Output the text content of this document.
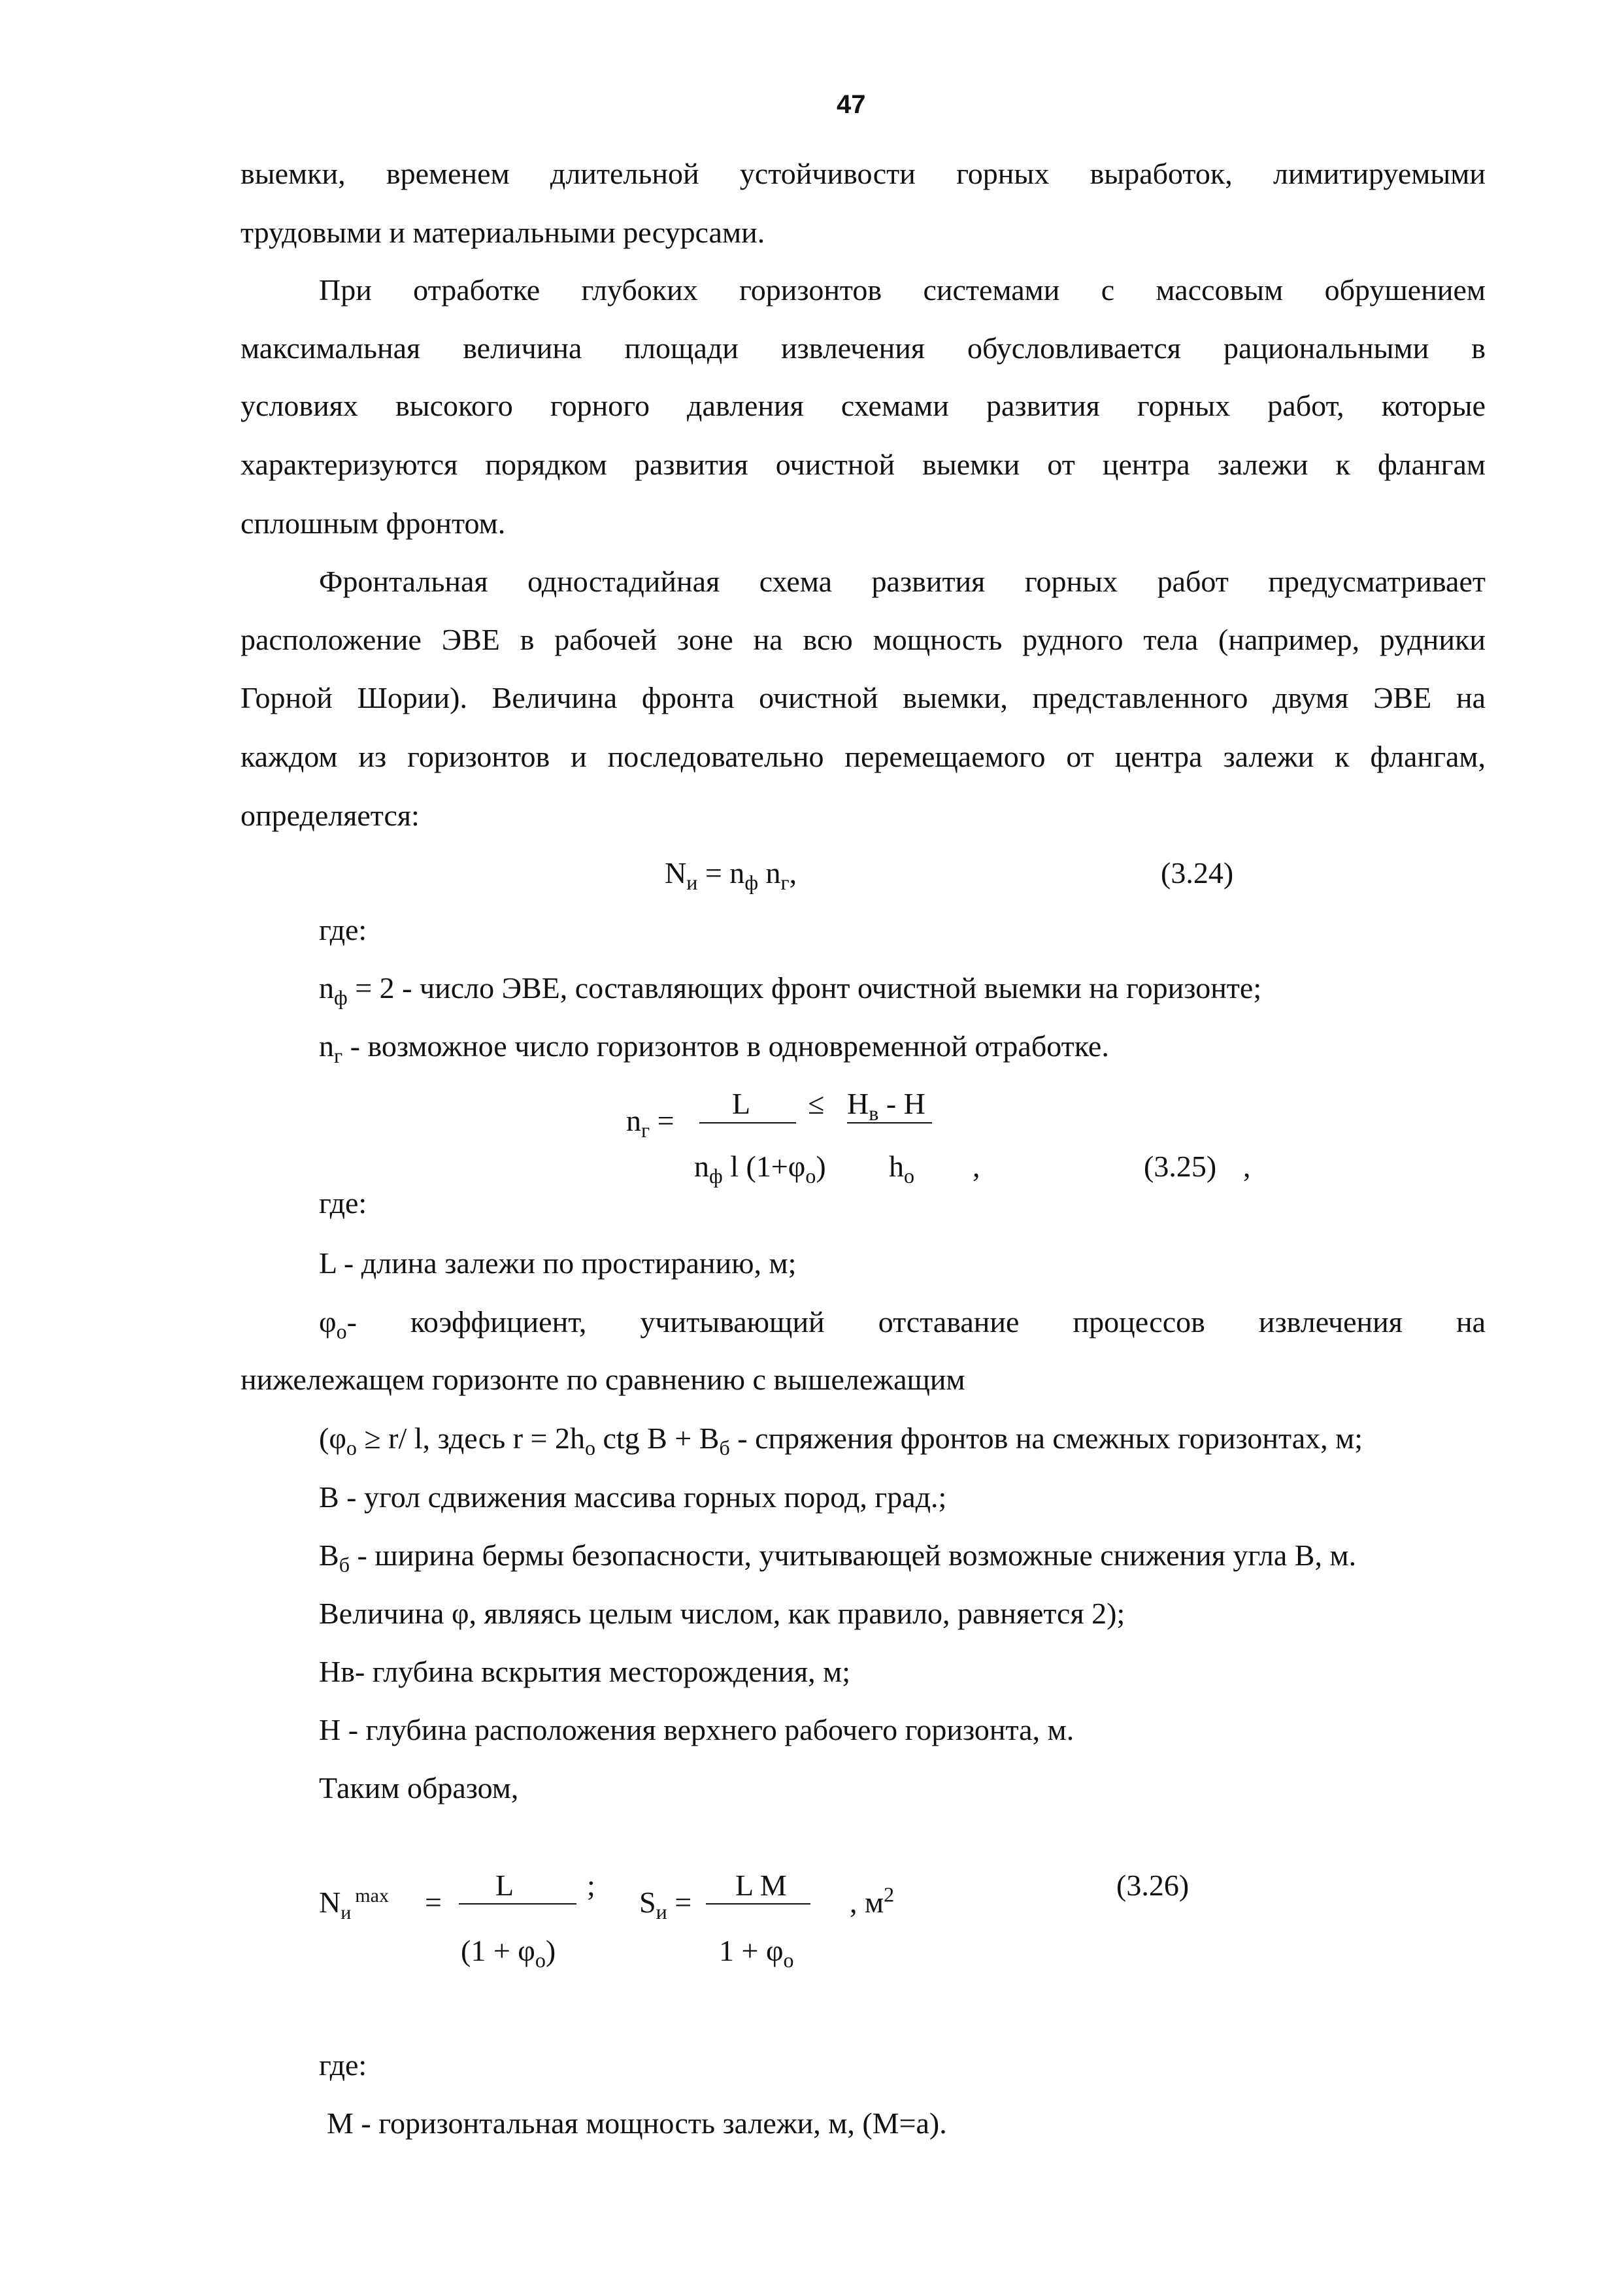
47
выемки, временем длительной устойчивости горных выработок, лимитируемыми
трудовыми и материальными ресурсами.
При отработке глубоких горизонтов системами с массовым обрушением
максимальная величина площади извлечения обусловливается рациональными в
условиях высокого горного давления схемами развития горных работ, которые
характеризуются порядком развития очистной выемки от центра залежи к флангам
сплошным фронтом.
Фронтальная одностадийная схема развития горных работ предусматривает
расположение ЭВЕ в рабочей зоне на всю мощность рудного тела (например, рудники
Горной Шории). Величина фронта очистной выемки, представленного двумя ЭВЕ на
каждом из горизонтов и последовательно перемещаемого от центра залежи к флангам,
определяется:
$N_и = n_ф$ $n_г$,	(3.24)
где:
$n_ф = 2$ - число ЭВЕ, составляющих фронт очистной выемки на горизонте;
$n_г$ - возможное число горизонтов в одновременной отработке.
$n_г$ =
$L \le H_в - H$
$n_ф$ l $(1+\varphi_о)$ $h_о$ ,	(3.25) ,
где:
L - длина залежи по простиранию, м;
$\varphi_о-$ коэффициент, учитывающий отставание процессов извлечения на
нижележащем горизонте по сравнению с вышележащим
($\varphi_о \ge r/$ l, здесь $r = 2h_о$ ctg $B + B_б$ - спряжения фронтов на смежных горизонтах, м;
B - угол сдвижения массива горных пород, град.;
$B_б$ - ширина бермы безопасности, учитывающей возможные снижения угла B, м.
Величина φ, являясь целым числом, как правило, равняется 2);
Нв- глубина вскрытия месторождения, м;
H - глубина расположения верхнего рабочего горизонта, м.
Таким образом,
$N_и^{max}$ =
L ;
$(1 + \varphi_о)$
$S_и$ =
L M
$1 + \varphi_о$
, $м^2$	(3.26)
где:
M - горизонтальная мощность залежи, м, (M=a).
